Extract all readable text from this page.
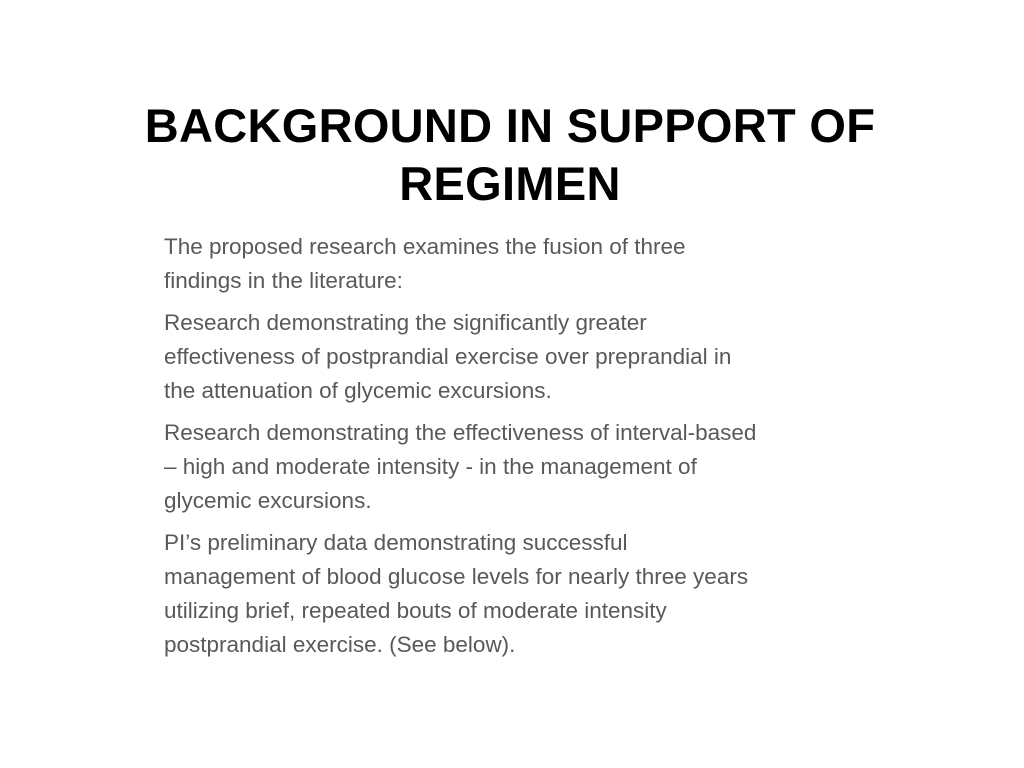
BACKGROUND IN SUPPORT OF
REGIMEN

The proposed research examines the fusion of three
findings in the literature:

Research demonstrating the significantly greater
effectiveness of postprandial exercise over preprandial in
the attenuation of glycemic excursions.

Research demonstrating the effectiveness of interval-based
– high and moderate intensity - in the management of
glycemic excursions.

PI’s preliminary data demonstrating successful
management of blood glucose levels for nearly three years
utilizing brief, repeated bouts of moderate intensity
postprandial exercise. (See below).
